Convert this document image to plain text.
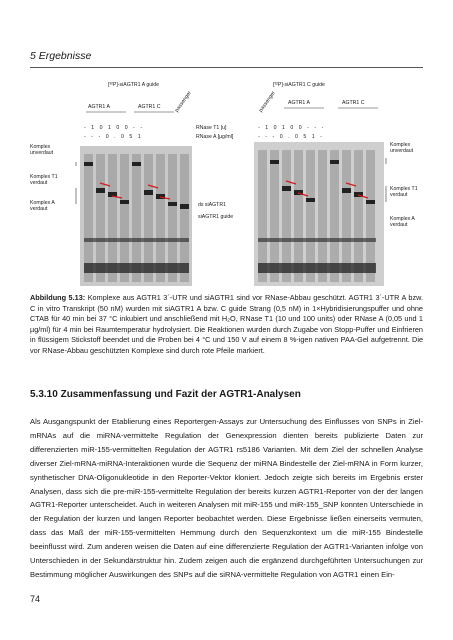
5 Ergebnisse
[³²P]-siAGTR1 A guide	[³²P]-siAGTR1 C guide
AGTR1 A	AGTR1 C	passenger	passenger AGTR1 A	AGTR1 C
-10100--
---0.051
RNase T1 [u]
RNase A [µg/ml]
-10100---
---0.051-
Komplex unverdaut
Komplex T1 verdaut
Komplex A verdaut
ds siAGTR1
siAGTR1 guide
Komplex unverdaut
Komplex T1 verdaut
Komplex A verdaut
Abbildung 5.13: Komplexe aus AGTR1 3´-UTR und siAGTR1 sind vor RNase-Abbau geschützt. AGTR1 3´-UTR A bzw. C in vitro Transkript (50 nM) wurden mit siAGTR1 A bzw. C guide Strang (0,5 nM) in 1×Hybridisierungspuffer und ohne CTAB für 40 min bei 37 °C inkubiert und anschließend mit H₂O, RNase T1 (10 und 100 units) oder RNase A (0,05 und 1 µg/ml) für 4 min bei Raumtemperatur hydrolysiert. Die Reaktionen wurden durch Zugabe von Stopp-Puffer und Einfrieren in flüssigem Stickstoff beendet und die Proben bei 4 °C und 150 V auf einem 8 %-igen nativen PAA-Gel aufgetrennt. Die vor RNase-Abbau geschützten Komplexe sind durch rote Pfeile markiert.
5.3.10 Zusammenfassung und Fazit der AGTR1-Analysen
Als Ausgangspunkt der Etablierung eines Reportergen-Assays zur Untersuchung des Einflusses von SNPs in Ziel-mRNAs auf die miRNA-vermittelte Regulation der Genexpression dienten bereits publizierte Daten zur differenzierten miR-155-vermittelten Regulation der AGTR1 rs5186 Varianten. Mit dem Ziel der schnellen Analyse diverser Ziel-mRNA-miRNA-Interaktionen wurde die Sequenz der miRNA Bindestelle der Ziel-mRNA in Form kurzer, synthetischer DNA-Oligonukleotide in den Reporter-Vektor kloniert. Jedoch zeigte sich bereits im Ergebnis erster Analysen, dass sich die pre-miR-155-vermittelte Regulation der bereits kurzen AGTR1-Reporter von der der langen AGTR1-Reporter unterscheidet. Auch in weiteren Analysen mit miR-155 und miR-155_SNP konnten Unterschiede in der Regulation der kurzen und langen Reporter beobachtet werden. Diese Ergebnisse ließen einerseits vermuten, dass das Maß der miR-155-vermittelten Hemmung durch den Sequenzkontext um die miR-155 Bindestelle beeinflusst wird. Zum anderen weisen die Daten auf eine differenzierte Regulation der AGTR1-Varianten infolge von Unterschieden in der Sekundärstruktur hin. Zudem zeigen auch die ergänzend durchgeführten Untersuchungen zur Bestimmung möglicher Auswirkungen des SNPs auf die siRNA-vermittelte Regulation von AGTR1 einen Ein-
74
